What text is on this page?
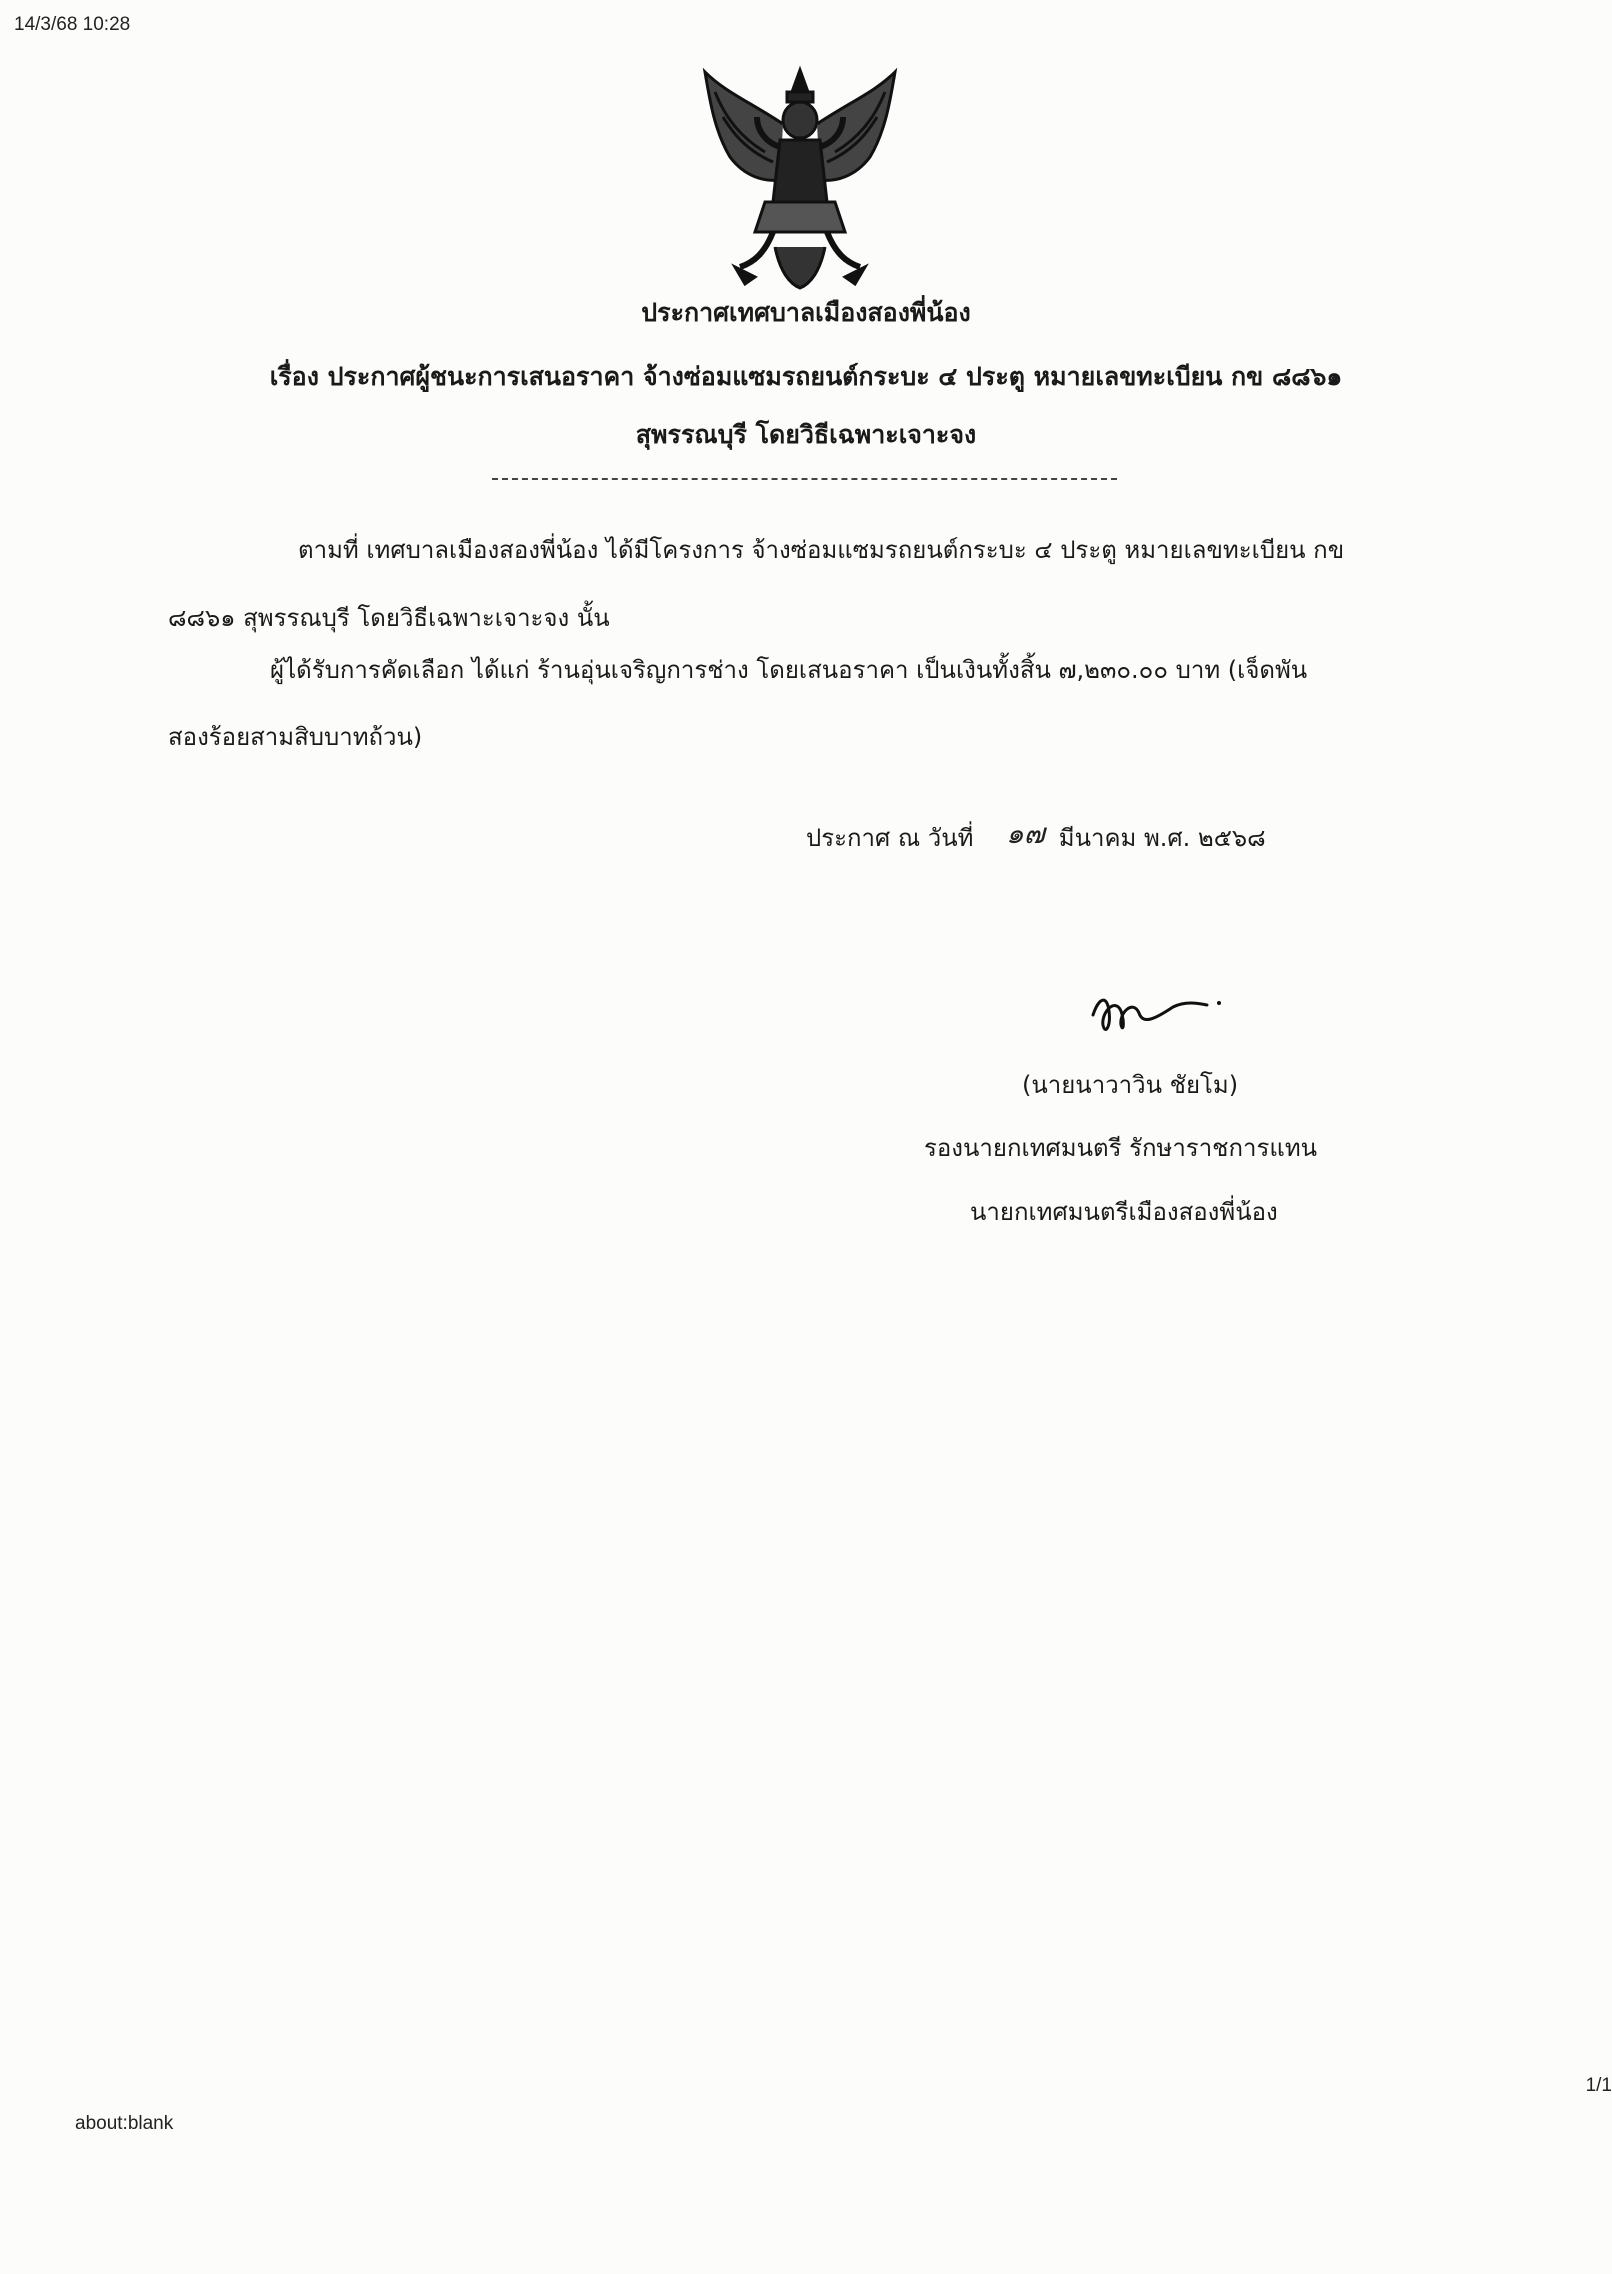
14/3/68 10:28
ประกาศเทศบาลเมืองสองพี่น้อง
เรื่อง ประกาศผู้ชนะการเสนอราคา จ้างซ่อมแซมรถยนต์กระบะ ๔ ประตู หมายเลขทะเบียน กข ๘๘๖๑
สุพรรณบุรี โดยวิธีเฉพาะเจาะจง
ตามที่ เทศบาลเมืองสองพี่น้อง ได้มีโครงการ จ้างซ่อมแซมรถยนต์กระบะ ๔ ประตู หมายเลขทะเบียน กข
๘๘๖๑ สุพรรณบุรี โดยวิธีเฉพาะเจาะจง นั้น
ผู้ได้รับการคัดเลือก ได้แก่ ร้านอุ่นเจริญการช่าง โดยเสนอราคา เป็นเงินทั้งสิ้น ๗,๒๓๐.๐๐ บาท (เจ็ดพัน
สองร้อยสามสิบบาทถ้วน)
ประกาศ ณ วันที่	มีนาคม พ.ศ. ๒๕๖๘
๑๗
(นายนาวาวิน ชัยโม)
รองนายกเทศมนตรี รักษาราชการแทน
นายกเทศมนตรีเมืองสองพี่น้อง
1/1
about:blank
